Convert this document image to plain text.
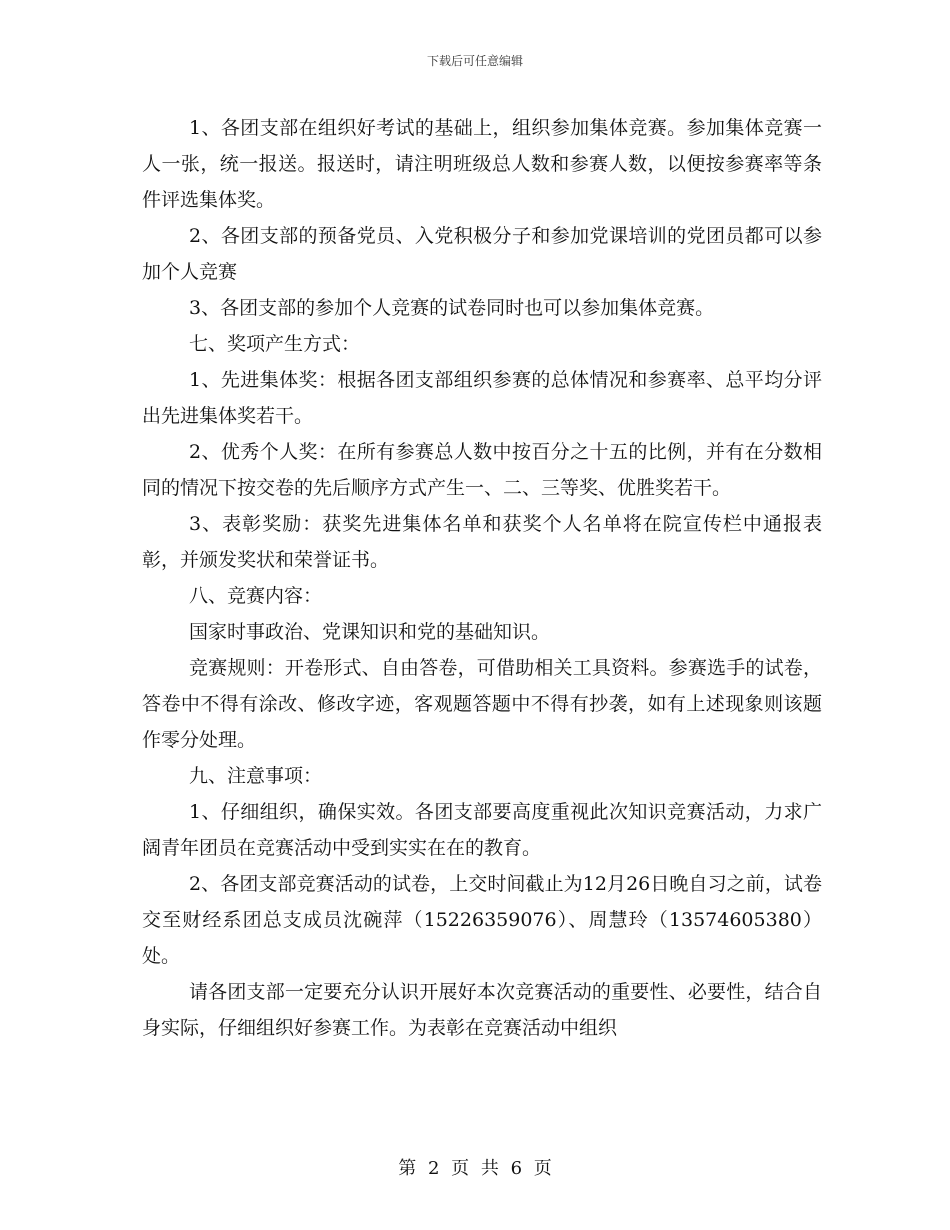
下载后可任意编辑

1、各团支部在组织好考试的基础上，组织参加集体竞赛。参加集体竞赛一人一张，统一报送。报送时，请注明班级总人数和参赛人数，以便按参赛率等条件评选集体奖。

2、各团支部的预备党员、入党积极分子和参加党课培训的党团员都可以参加个人竞赛

3、各团支部的参加个人竞赛的试卷同时也可以参加集体竞赛。

七、奖项产生方式：

1、先进集体奖：根据各团支部组织参赛的总体情况和参赛率、总平均分评出先进集体奖若干。

2、优秀个人奖：在所有参赛总人数中按百分之十五的比例，并有在分数相同的情况下按交卷的先后顺序方式产生一、二、三等奖、优胜奖若干。

3、表彰奖励：获奖先进集体名单和获奖个人名单将在院宣传栏中通报表彰，并颁发奖状和荣誉证书。

八、竞赛内容：

国家时事政治、党课知识和党的基础知识。

竞赛规则：开卷形式、自由答卷，可借助相关工具资料。参赛选手的试卷，答卷中不得有涂改、修改字迹，客观题答题中不得有抄袭，如有上述现象则该题作零分处理。

九、注意事项：

1、仔细组织，确保实效。各团支部要高度重视此次知识竞赛活动，力求广阔青年团员在竞赛活动中受到实实在在的教育。

2、各团支部竞赛活动的试卷，上交时间截止为12月26日晚自习之前，试卷交至财经系团总支成员沈碗萍（15226359076）、周慧玲（13574605380）处。

请各团支部一定要充分认识开展好本次竞赛活动的重要性、必要性，结合自身实际，仔细组织好参赛工作。为表彰在竞赛活动中组织

第 2 页 共 6 页
